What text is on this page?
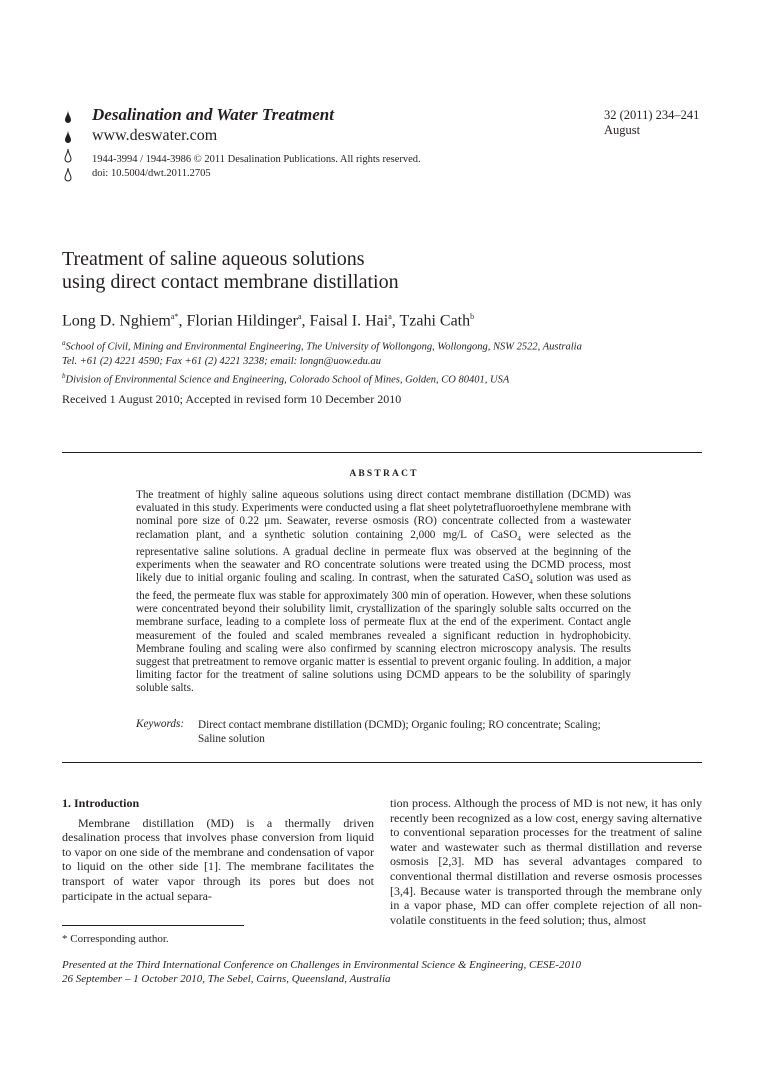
Desalination and Water Treatment
www.deswater.com
1944-3994 / 1944-3986 © 2011 Desalination Publications. All rights reserved.
doi: 10.5004/dwt.2011.2705
32 (2011) 234–241
August
Treatment of saline aqueous solutions
using direct contact membrane distillation
Long D. Nghiem$^{a*}$, Florian Hildinger$^a$, Faisal I. Hai$^a$, Tzahi Cath$^b$
$^a$School of Civil, Mining and Environmental Engineering, The University of Wollongong, Wollongong, NSW 2522, Australia
Tel. +61 (2) 4221 4590; Fax +61 (2) 4221 3238; email: longn@uow.edu.au
$^b$Division of Environmental Science and Engineering, Colorado School of Mines, Golden, CO 80401, USA
Received 1 August 2010; Accepted in revised form 10 December 2010
ABSTRACT
The treatment of highly saline aqueous solutions using direct contact membrane distillation (DCMD) was evaluated in this study. Experiments were conducted using a flat sheet polytetrafluoroethylene membrane with nominal pore size of 0.22 µm. Seawater, reverse osmosis (RO) concentrate collected from a wastewater reclamation plant, and a synthetic solution containing 2,000 mg/L of CaSO$_4$ were selected as the representative saline solutions. A gradual decline in permeate flux was observed at the beginning of the experiments when the seawater and RO concentrate solutions were treated using the DCMD process, most likely due to initial organic fouling and scaling. In contrast, when the saturated CaSO$_4$ solution was used as the feed, the permeate flux was stable for approximately 300 min of operation. However, when these solutions were concentrated beyond their solubility limit, crystallization of the sparingly soluble salts occurred on the membrane surface, leading to a complete loss of permeate flux at the end of the experiment. Contact angle measurement of the fouled and scaled membranes revealed a significant reduction in hydrophobicity. Membrane fouling and scaling were also confirmed by scanning electron microscopy analysis. The results suggest that pretreatment to remove organic matter is essential to prevent organic fouling. In addition, a major limiting factor for the treatment of saline solutions using DCMD appears to be the solubility of sparingly soluble salts.
Keywords: Direct contact membrane distillation (DCMD); Organic fouling; RO concentrate; Scaling; Saline solution

1. Introduction

Membrane distillation (MD) is a thermally driven desalination process that involves phase conversion from liquid to vapor on one side of the membrane and condensation of vapor to liquid on the other side [1]. The membrane facilitates the transport of water vapor through its pores but does not participate in the actual separa-

tion process. Although the process of MD is not new, it has only recently been recognized as a low cost, energy saving alternative to conventional separation processes for the treatment of saline water and wastewater such as thermal distillation and reverse osmosis [2,3]. MD has several advantages compared to conventional thermal distillation and reverse osmosis processes [3,4]. Because water is transported through the membrane only in a vapor phase, MD can offer complete rejection of all non-volatile constituents in the feed solution; thus, almost

* Corresponding author.
Presented at the Third International Conference on Challenges in Environmental Science & Engineering, CESE-2010
26 September – 1 October 2010, The Sebel, Cairns, Queensland, Australia
